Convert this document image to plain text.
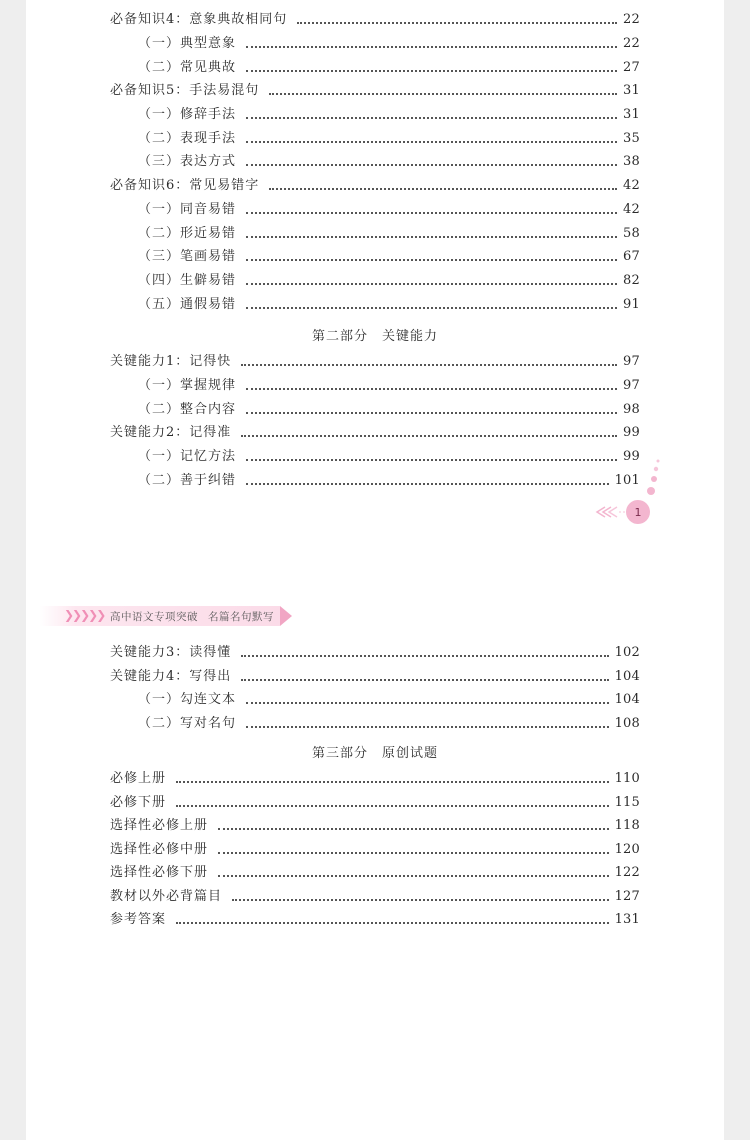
必备知识4：意象典故相同句	22
（一）典型意象	22
（二）常见典故	27
必备知识5：手法易混句	31
（一）修辞手法	31
（二）表现手法	35
（三）表达方式	38
必备知识6：常见易错字	42
（一）同音易错	42
（二）形近易错	58
（三）笔画易错	67
（四）生僻易错	82
（五）通假易错	91
第二部分 关键能力
关键能力1：记得快	97
（一）掌握规律	97
（二）整合内容	98
关键能力2：记得准	99
（一）记忆方法	99
（二）善于纠错	101
1
❯❯❯❯❯ 高中语文专项突破 名篇名句默写
关键能力3：读得懂	102
关键能力4：写得出	104
（一）勾连文本	104
（二）写对名句	108
第三部分 原创试题
必修上册	110
必修下册	115
选择性必修上册	118
选择性必修中册	120
选择性必修下册	122
教材以外必背篇目	127
参考答案	131
